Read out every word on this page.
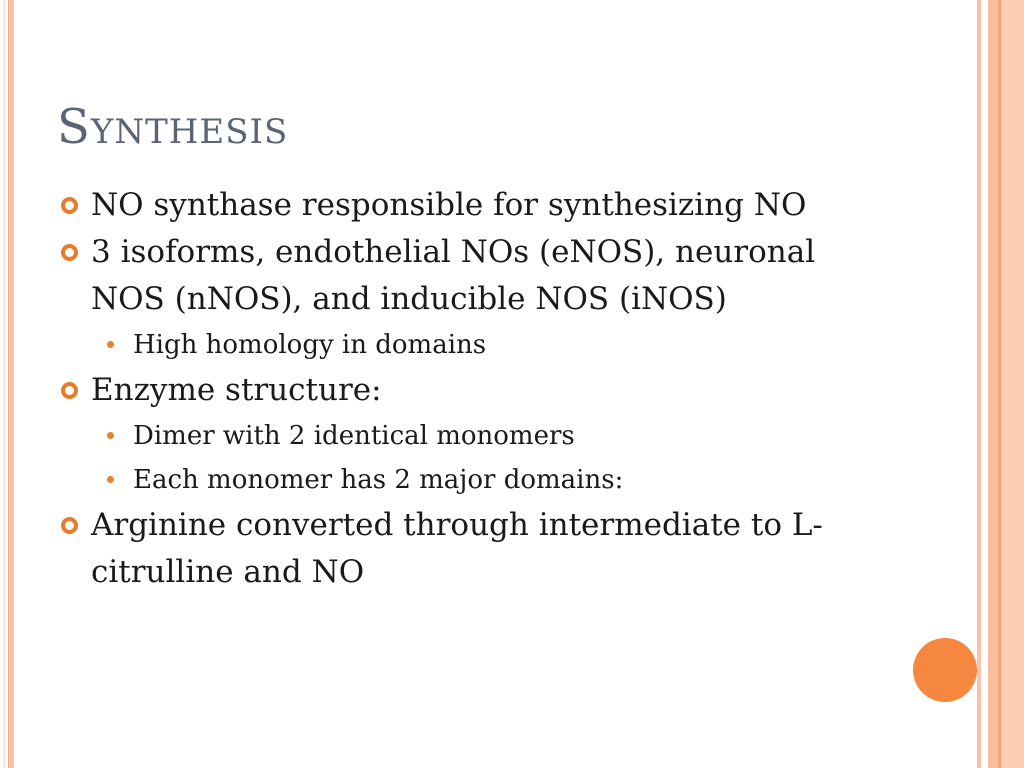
Synthesis
NO synthase responsible for synthesizing NO
3 isoforms, endothelial NOs (eNOS), neuronal
NOS (nNOS), and inducible NOS (iNOS)
High homology in domains
Enzyme structure:
Dimer with 2 identical monomers
Each monomer has 2 major domains:
Arginine converted through intermediate to L-
citrulline and NO
